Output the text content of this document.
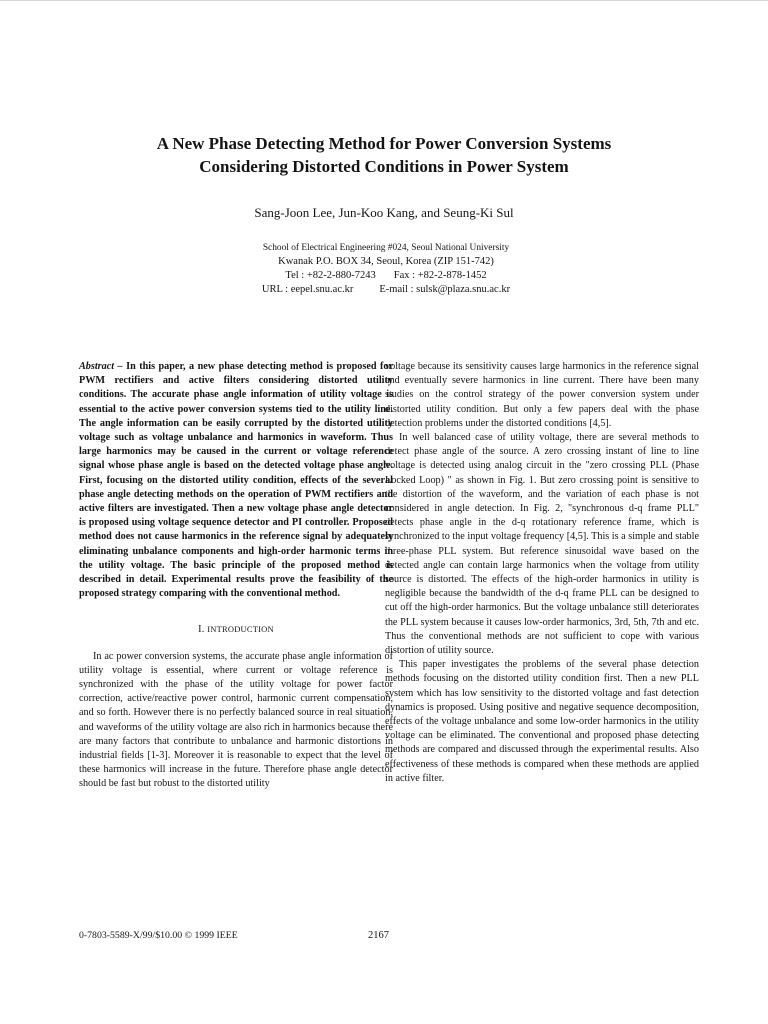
A New Phase Detecting Method for Power Conversion Systems
Considering Distorted Conditions in Power System
Sang-Joon Lee, Jun-Koo Kang, and Seung-Ki Sul
School of Electrical Engineering #024, Seoul National University
Kwanak P.O. BOX 34, Seoul, Korea (ZIP 151-742)
Tel : +82-2-880-7243 Fax : +82-2-878-1452
URL : eepel.snu.ac.kr E-mail : sulsk@plaza.snu.ac.kr

Abstract – In this paper, a new phase detecting method is proposed for PWM rectifiers and active filters considering distorted utility conditions. The accurate phase angle information of utility voltage is essential to the active power conversion systems tied to the utility line. The angle information can be easily corrupted by the distorted utility voltage such as voltage unbalance and harmonics in waveform. Thus large harmonics may be caused in the current or voltage reference signal whose phase angle is based on the detected voltage phase angle. First, focusing on the distorted utility condition, effects of the several phase angle detecting methods on the operation of PWM rectifiers and active filters are investigated. Then a new voltage phase angle detector is proposed using voltage sequence detector and PI controller. Proposed method does not cause harmonics in the reference signal by adequately eliminating unbalance components and high-order harmonic terms in the utility voltage. The basic principle of the proposed method is described in detail. Experimental results prove the feasibility of the proposed strategy comparing with the conventional method.

I. INTRODUCTION

In ac power conversion systems, the accurate phase angle information of utility voltage is essential, where current or voltage reference is synchronized with the phase of the utility voltage for power factor correction, active/reactive power control, harmonic current compensation, and so forth. However there is no perfectly balanced source in real situation, and waveforms of the utility voltage are also rich in harmonics because there are many factors that contribute to unbalance and harmonic distortions in industrial fields [1-3]. Moreover it is reasonable to expect that the level of these harmonics will increase in the future. Therefore phase angle detector should be fast but robust to the distorted utility

voltage because its sensitivity causes large harmonics in the reference signal and eventually severe harmonics in line current. There have been many studies on the control strategy of the power conversion system under distorted utility condition. But only a few papers deal with the phase detection problems under the distorted conditions [4,5].

In well balanced case of utility voltage, there are several methods to detect phase angle of the source. A zero crossing instant of line to line voltage is detected using analog circuit in the "zero crossing PLL (Phase Locked Loop) " as shown in Fig. 1. But zero crossing point is sensitive to the distortion of the waveform, and the variation of each phase is not considered in angle detection. In Fig. 2, "synchronous d-q frame PLL" detects phase angle in the d-q rotationary reference frame, which is synchronized to the input voltage frequency [4,5]. This is a simple and stable three-phase PLL system. But reference sinusoidal wave based on the detected angle can contain large harmonics when the voltage from utility source is distorted. The effects of the high-order harmonics in utility is negligible because the bandwidth of the d-q frame PLL can be designed to cut off the high-order harmonics. But the voltage unbalance still deteriorates the PLL system because it causes low-order harmonics, 3rd, 5th, 7th and etc. Thus the conventional methods are not sufficient to cope with various distortion of utility source.

This paper investigates the problems of the several phase detection methods focusing on the distorted utility condition first. Then a new PLL system which has low sensitivity to the distorted voltage and fast detection dynamics is proposed. Using positive and negative sequence decomposition, effects of the voltage unbalance and some low-order harmonics in the utility voltage can be eliminated. The conventional and proposed phase detecting methods are compared and discussed through the experimental results. Also effectiveness of these methods is compared when these methods are applied in active filter.

0-7803-5589-X/99/$10.00 © 1999 IEEE	2167
